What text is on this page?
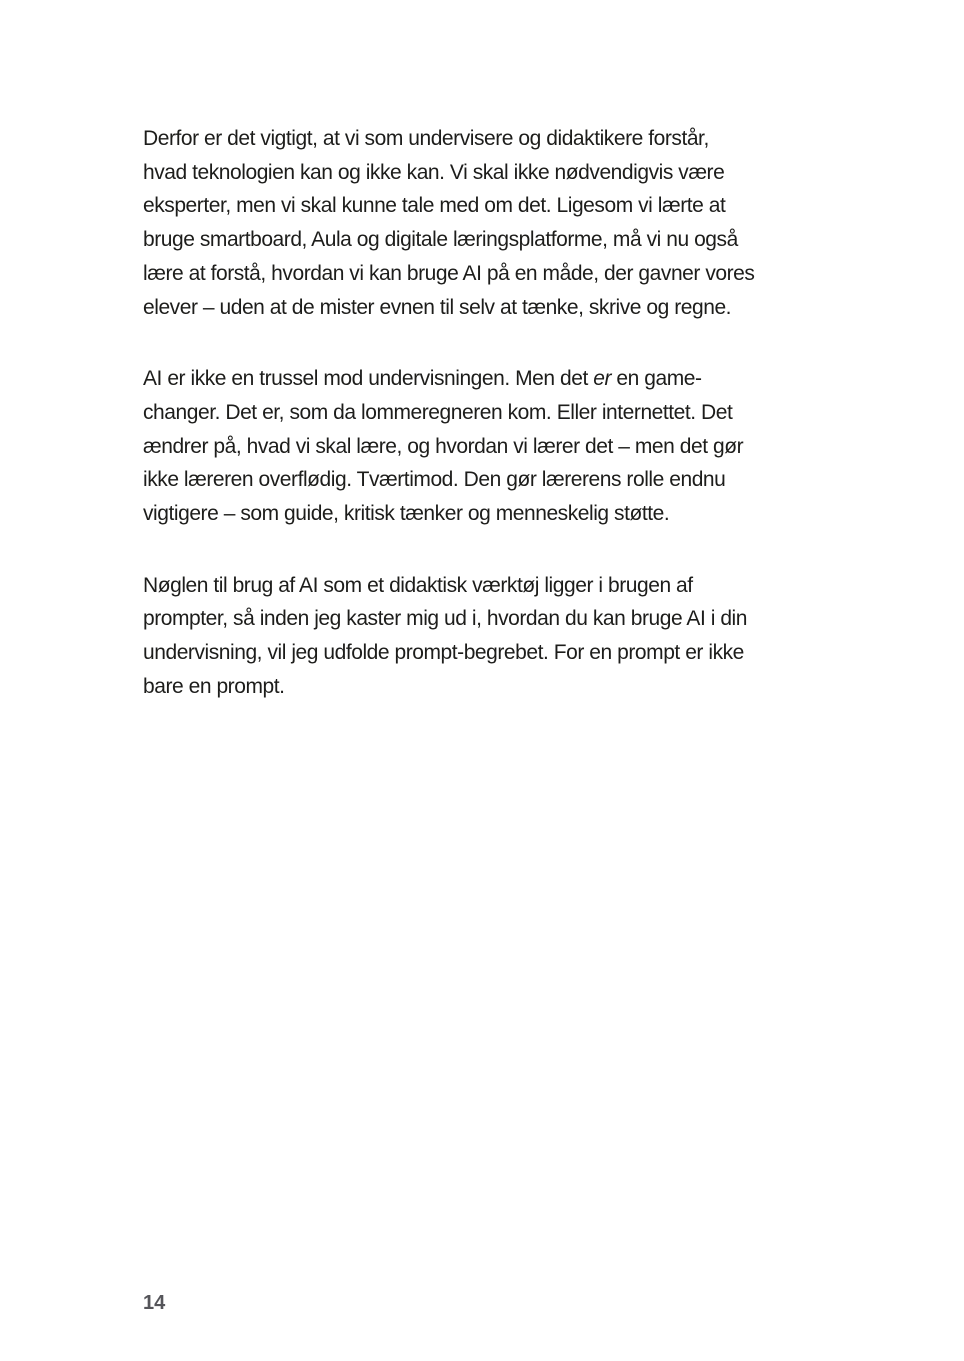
Derfor er det vigtigt, at vi som undervisere og didaktikere forstår,
hvad teknologien kan og ikke kan. Vi skal ikke nødvendigvis være
eksperter, men vi skal kunne tale med om det. Ligesom vi lærte at
bruge smartboard, Aula og digitale læringsplatforme, må vi nu også
lære at forstå, hvordan vi kan bruge AI på en måde, der gavner vores
elever – uden at de mister evnen til selv at tænke, skrive og regne.
AI er ikke en trussel mod undervisningen. Men det er en game-
changer. Det er, som da lommeregneren kom. Eller internettet. Det
ændrer på, hvad vi skal lære, og hvordan vi lærer det – men det gør
ikke læreren overflødig. Tværtimod. Den gør lærerens rolle endnu
vigtigere – som guide, kritisk tænker og menneskelig støtte.
Nøglen til brug af AI som et didaktisk værktøj ligger i brugen af
prompter, så inden jeg kaster mig ud i, hvordan du kan bruge AI i din
undervisning, vil jeg udfolde prompt-begrebet. For en prompt er ikke
bare en prompt.
14
